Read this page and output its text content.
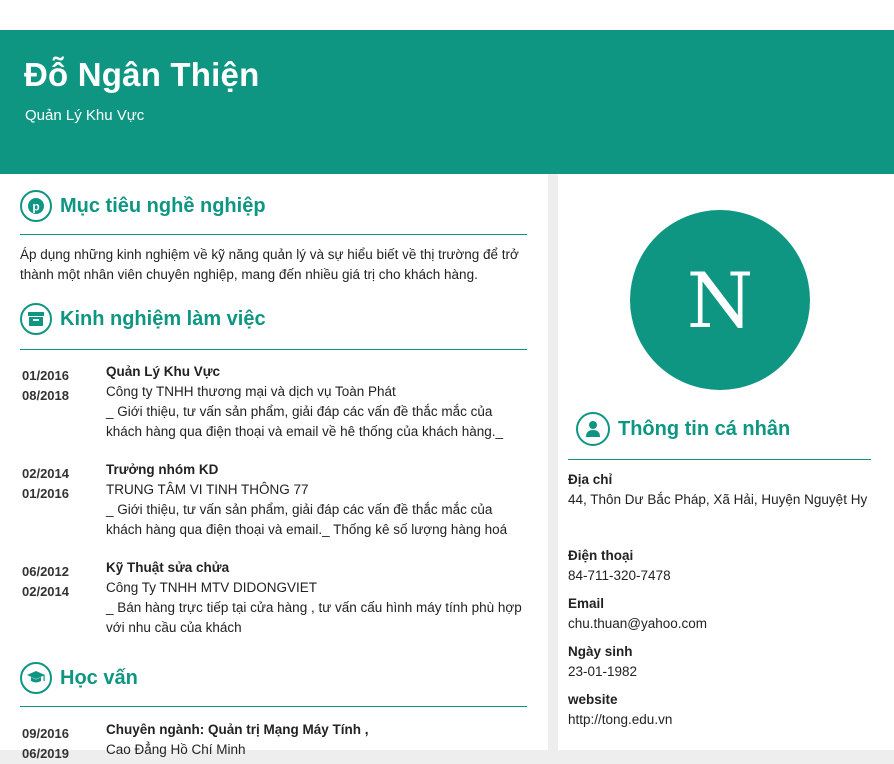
Đỗ Ngân Thiện
Quản Lý Khu Vực
p Mục tiêu nghề nghiệp
Áp dụng những kinh nghiệm về kỹ năng quản lý và sự hiểu biết về thị trường để trở thành một nhân viên chuyên nghiệp, mang đến nhiều giá trị cho khách hàng.
Kinh nghiệm làm việc
01/2016
08/2018
Quản Lý Khu Vực
Công ty TNHH thương mại và dịch vụ Toàn Phát
_ Giới thiệu, tư vấn sản phẩm, giải đáp các vấn đề thắc mắc của khách hàng qua điện thoại và email về hê thống của khách hàng._
02/2014
01/2016
Trưởng nhóm KD
TRUNG TÂM VI TINH THÔNG 77
_ Giới thiệu, tư vấn sản phẩm, giải đáp các vấn đề thắc mắc của khách hàng qua điện thoại và email._ Thống kê số lượng hàng hoá
06/2012
02/2014
Kỹ Thuật sửa chửa
Công Ty TNHH MTV DIDONGVIET
_ Bán hàng trực tiếp tại cửa hàng , tư vấn cấu hình máy tính phù hợp với nhu cầu của khách
Học vấn
09/2016
06/2019
Chuyên ngành: Quản trị Mạng Máy Tính ,
Cao Đẳng Hồ Chí Minh
N
Thông tin cá nhân
Địa chỉ
44, Thôn Dư Bắc Pháp, Xã Hải, Huyện Nguyệt Hy
Điện thoại
84-711-320-7478
Email
chu.thuan@yahoo.com
Ngày sinh
23-01-1982
website
http://tong.edu.vn
